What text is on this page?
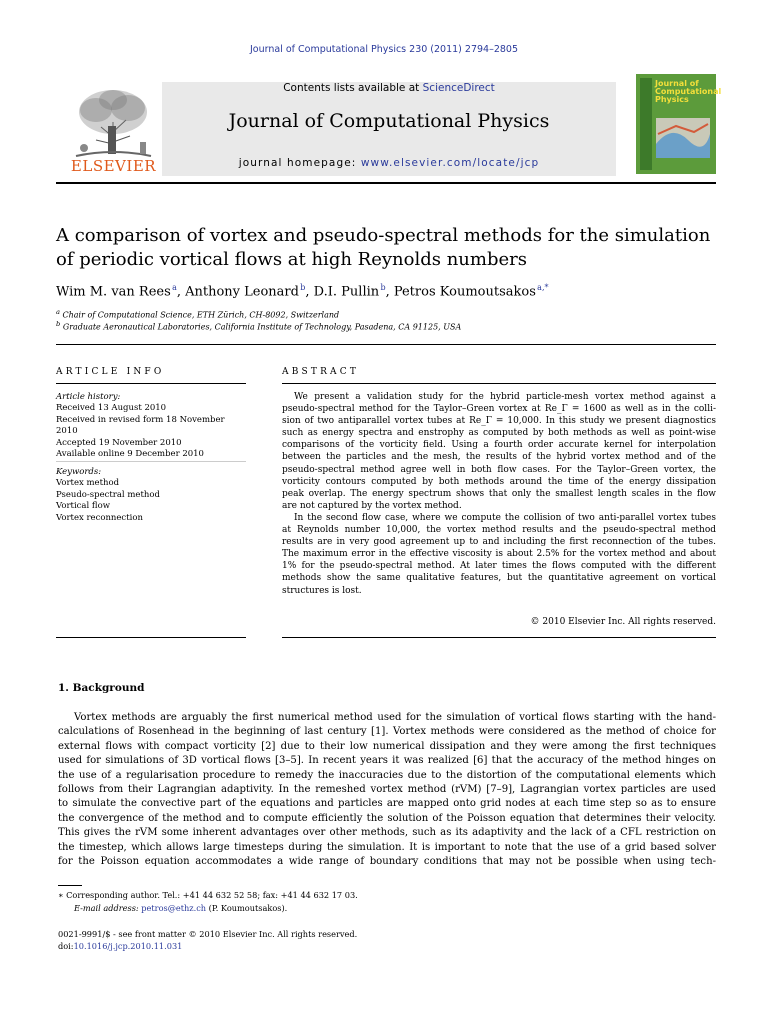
Journal of Computational Physics 230 (2011) 2794–2805
ELSEVIER
Contents lists available at ScienceDirect
Journal of Computational Physics
journal homepage: www.elsevier.com/locate/jcp
Journal of
Computational
Physics
A comparison of vortex and pseudo-spectral methods for the simulation
of periodic vortical flows at high Reynolds numbers
Wim M. van Rees $^a$, Anthony Leonard $^b$, D.I. Pullin $^b$, Petros Koumoutsakos $^{a,*}$
$^a$ Chair of Computational Science, ETH Zürich, CH-8092, Switzerland
$^b$ Graduate Aeronautical Laboratories, California Institute of Technology, Pasadena, CA 91125, USA
ARTICLE INFO	ABSTRACT
Article history:
Received 13 August 2010
Received in revised form 18 November 2010
Accepted 19 November 2010
Available online 9 December 2010
Keywords:
Vortex method
Pseudo-spectral method
Vortical flow
Vortex reconnection
We present a validation study for the hybrid particle-mesh vortex method against a
pseudo-spectral method for the Taylor–Green vortex at Re_Γ = 1600 as well as in the colli-
sion of two antiparallel vortex tubes at Re_Γ = 10,000. In this study we present diagnostics
such as energy spectra and enstrophy as computed by both methods as well as point-wise
comparisons of the vorticity field. Using a fourth order accurate kernel for interpolation
between the particles and the mesh, the results of the hybrid vortex method and of the
pseudo-spectral method agree well in both flow cases. For the Taylor–Green vortex, the
vorticity contours computed by both methods around the time of the energy dissipation
peak overlap. The energy spectrum shows that only the smallest length scales in the flow
are not captured by the vortex method.
In the second flow case, where we compute the collision of two anti-parallel vortex tubes
at Reynolds number 10,000, the vortex method results and the pseudo-spectral method
results are in very good agreement up to and including the first reconnection of the tubes.
The maximum error in the effective viscosity is about 2.5% for the vortex method and about
1% for the pseudo-spectral method. At later times the flows computed with the different
methods show the same qualitative features, but the quantitative agreement on vortical
structures is lost.
© 2010 Elsevier Inc. All rights reserved.
1. Background
Vortex methods are arguably the first numerical method used for the simulation of vortical flows starting with the hand-
calculations of Rosenhead in the beginning of last century [1]. Vortex methods were considered as the method of choice for
external flows with compact vorticity [2] due to their low numerical dissipation and they were among the first techniques
used for simulations of 3D vortical flows [3–5]. In recent years it was realized [6] that the accuracy of the method hinges on
the use of a regularisation procedure to remedy the inaccuracies due to the distortion of the computational elements which
follows from their Lagrangian adaptivity. In the remeshed vortex method (rVM) [7–9], Lagrangian vortex particles are used
to simulate the convective part of the equations and particles are mapped onto grid nodes at each time step so as to ensure
the convergence of the method and to compute efficiently the solution of the Poisson equation that determines their velocity.
This gives the rVM some inherent advantages over other methods, such as its adaptivity and the lack of a CFL restriction on
the timestep, which allows large timesteps during the simulation. It is important to note that the use of a grid based solver
for the Poisson equation accommodates a wide range of boundary conditions that may not be possible when using tech-
∗ Corresponding author. Tel.: +41 44 632 52 58; fax: +41 44 632 17 03.
E-mail address: petros@ethz.ch (P. Koumoutsakos).
0021-9991/$ - see front matter © 2010 Elsevier Inc. All rights reserved.
doi:10.1016/j.jcp.2010.11.031
